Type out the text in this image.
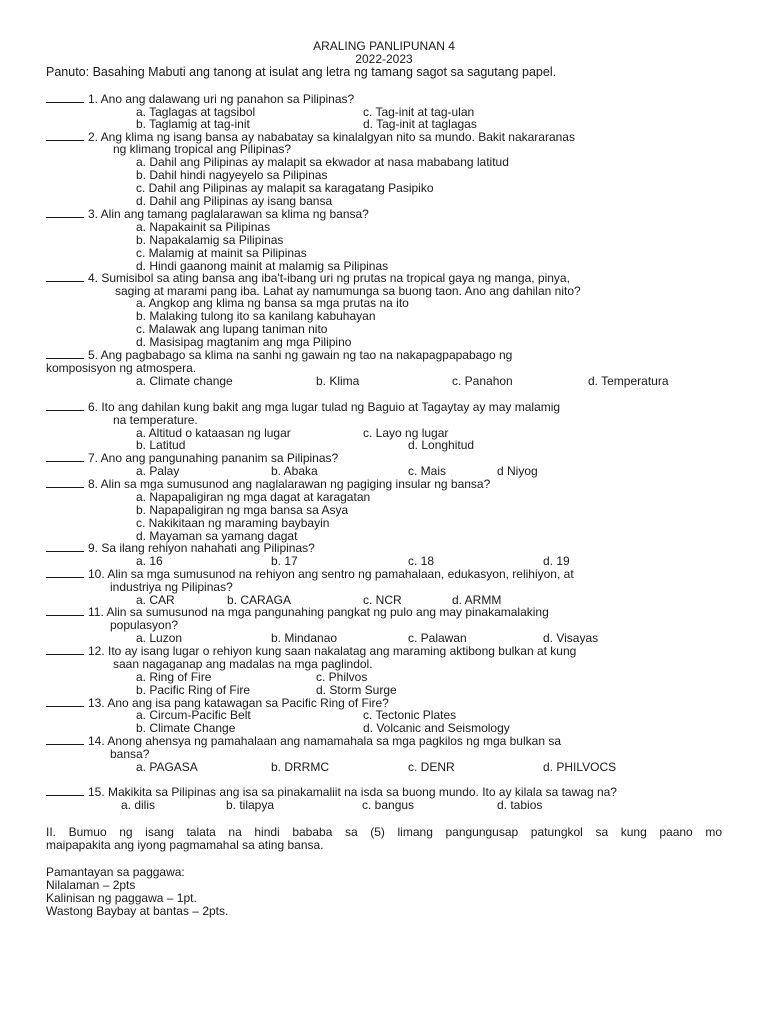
ARALING PANLIPUNAN 4
2022-2023
Panuto: Basahing Mabuti ang tanong at isulat ang letra ng tamang sagot sa sagutang papel.
1. Ano ang dalawang uri ng panahon sa Pilipinas?
a. Taglagas at tagsibol	c. Tag-init at tag-ulan
b. Taglamig at tag-init	d. Tag-init at taglagas
2. Ang klima ng isang bansa ay nababatay sa kinalalgyan nito sa mundo. Bakit nakararanas
ng klimang tropical ang Pilipinas?
a. Dahil ang Pilipinas ay malapit sa ekwador at nasa mababang latitud
b. Dahil hindi nagyeyelo sa Pilipinas
c. Dahil ang Pilipinas ay malapit sa karagatang Pasipiko
d. Dahil ang Pilipinas ay isang bansa
3. Alin ang tamang paglalarawan sa klima ng bansa?
a. Napakainit sa Pilipinas
b. Napakalamig sa Pilipinas
c. Malamig at mainit sa Pilipinas
d. Hindi gaanong mainit at malamig sa Pilipinas
4. Sumisibol sa ating bansa ang iba't-ibang uri ng prutas na tropical gaya ng manga, pinya,
saging at marami pang iba. Lahat ay namumunga sa buong taon. Ano ang dahilan nito?
a. Angkop ang klima ng bansa sa mga prutas na ito
b. Malaking tulong ito sa kanilang kabuhayan
c. Malawak ang lupang taniman nito
d. Masisipag magtanim ang mga Pilipino
5. Ang pagbabago sa klima na sanhi ng gawain ng tao na nakapagpapabago ng
komposisyon ng atmospera.
a. Climate change	b. Klima	c. Panahon	d. Temperatura
6. Ito ang dahilan kung bakit ang mga lugar tulad ng Baguio at Tagaytay ay may malamig
na temperature.
a. Altitud o kataasan ng lugar	c. Layo ng lugar
b. Latitud	d. Longhitud
7. Ano ang pangunahing pananim sa Pilipinas?
a. Palay	b. Abaka	c. Mais	d Niyog
8. Alin sa mga sumusunod ang naglalarawan ng pagiging insular ng bansa?
a. Napapaligiran ng mga dagat at karagatan
b. Napapaligiran ng mga bansa sa Asya
c. Nakikitaan ng maraming baybayin
d. Mayaman sa yamang dagat
9. Sa ilang rehiyon nahahati ang Pilipinas?
a. 16	b. 17	c. 18	d. 19
10. Alin sa mga sumusunod na rehiyon ang sentro ng pamahalaan, edukasyon, relihiyon, at
industriya ng Pilipinas?
a. CAR	b. CARAGA	c. NCR	d. ARMM
11. Alin sa sumusunod na mga pangunahing pangkat ng pulo ang may pinakamalaking
populasyon?
a. Luzon	b. Mindanao	c. Palawan	d. Visayas
12. Ito ay isang lugar o rehiyon kung saan nakalatag ang maraming aktibong bulkan at kung
saan nagaganap ang madalas na mga paglindol.
a. Ring of Fire	c. Philvos
b. Pacific Ring of Fire	d. Storm Surge
13. Ano ang isa pang katawagan sa Pacific Ring of Fire?
a. Circum-Pacific Belt	c. Tectonic Plates
b. Climate Change	d. Volcanic and Seismology
14. Anong ahensya ng pamahalaan ang namamahala sa mga pagkilos ng mga bulkan sa
bansa?
a. PAGASA	b. DRRMC	c. DENR	d. PHILVOCS
15. Makikita sa Pilipinas ang isa sa pinakamaliit na isda sa buong mundo. Ito ay kilala sa tawag na?
a. dilis	b. tilapya	c. bangus	d. tabios
II. Bumuo ng isang talata na hindi bababa sa (5) limang pangungusap patungkol sa kung paano mo
maipapakita ang iyong pagmamahal sa ating bansa.
Pamantayan sa paggawa:
Nilalaman – 2pts
Kalinisan ng paggawa – 1pt.
Wastong Baybay at bantas – 2pts.
